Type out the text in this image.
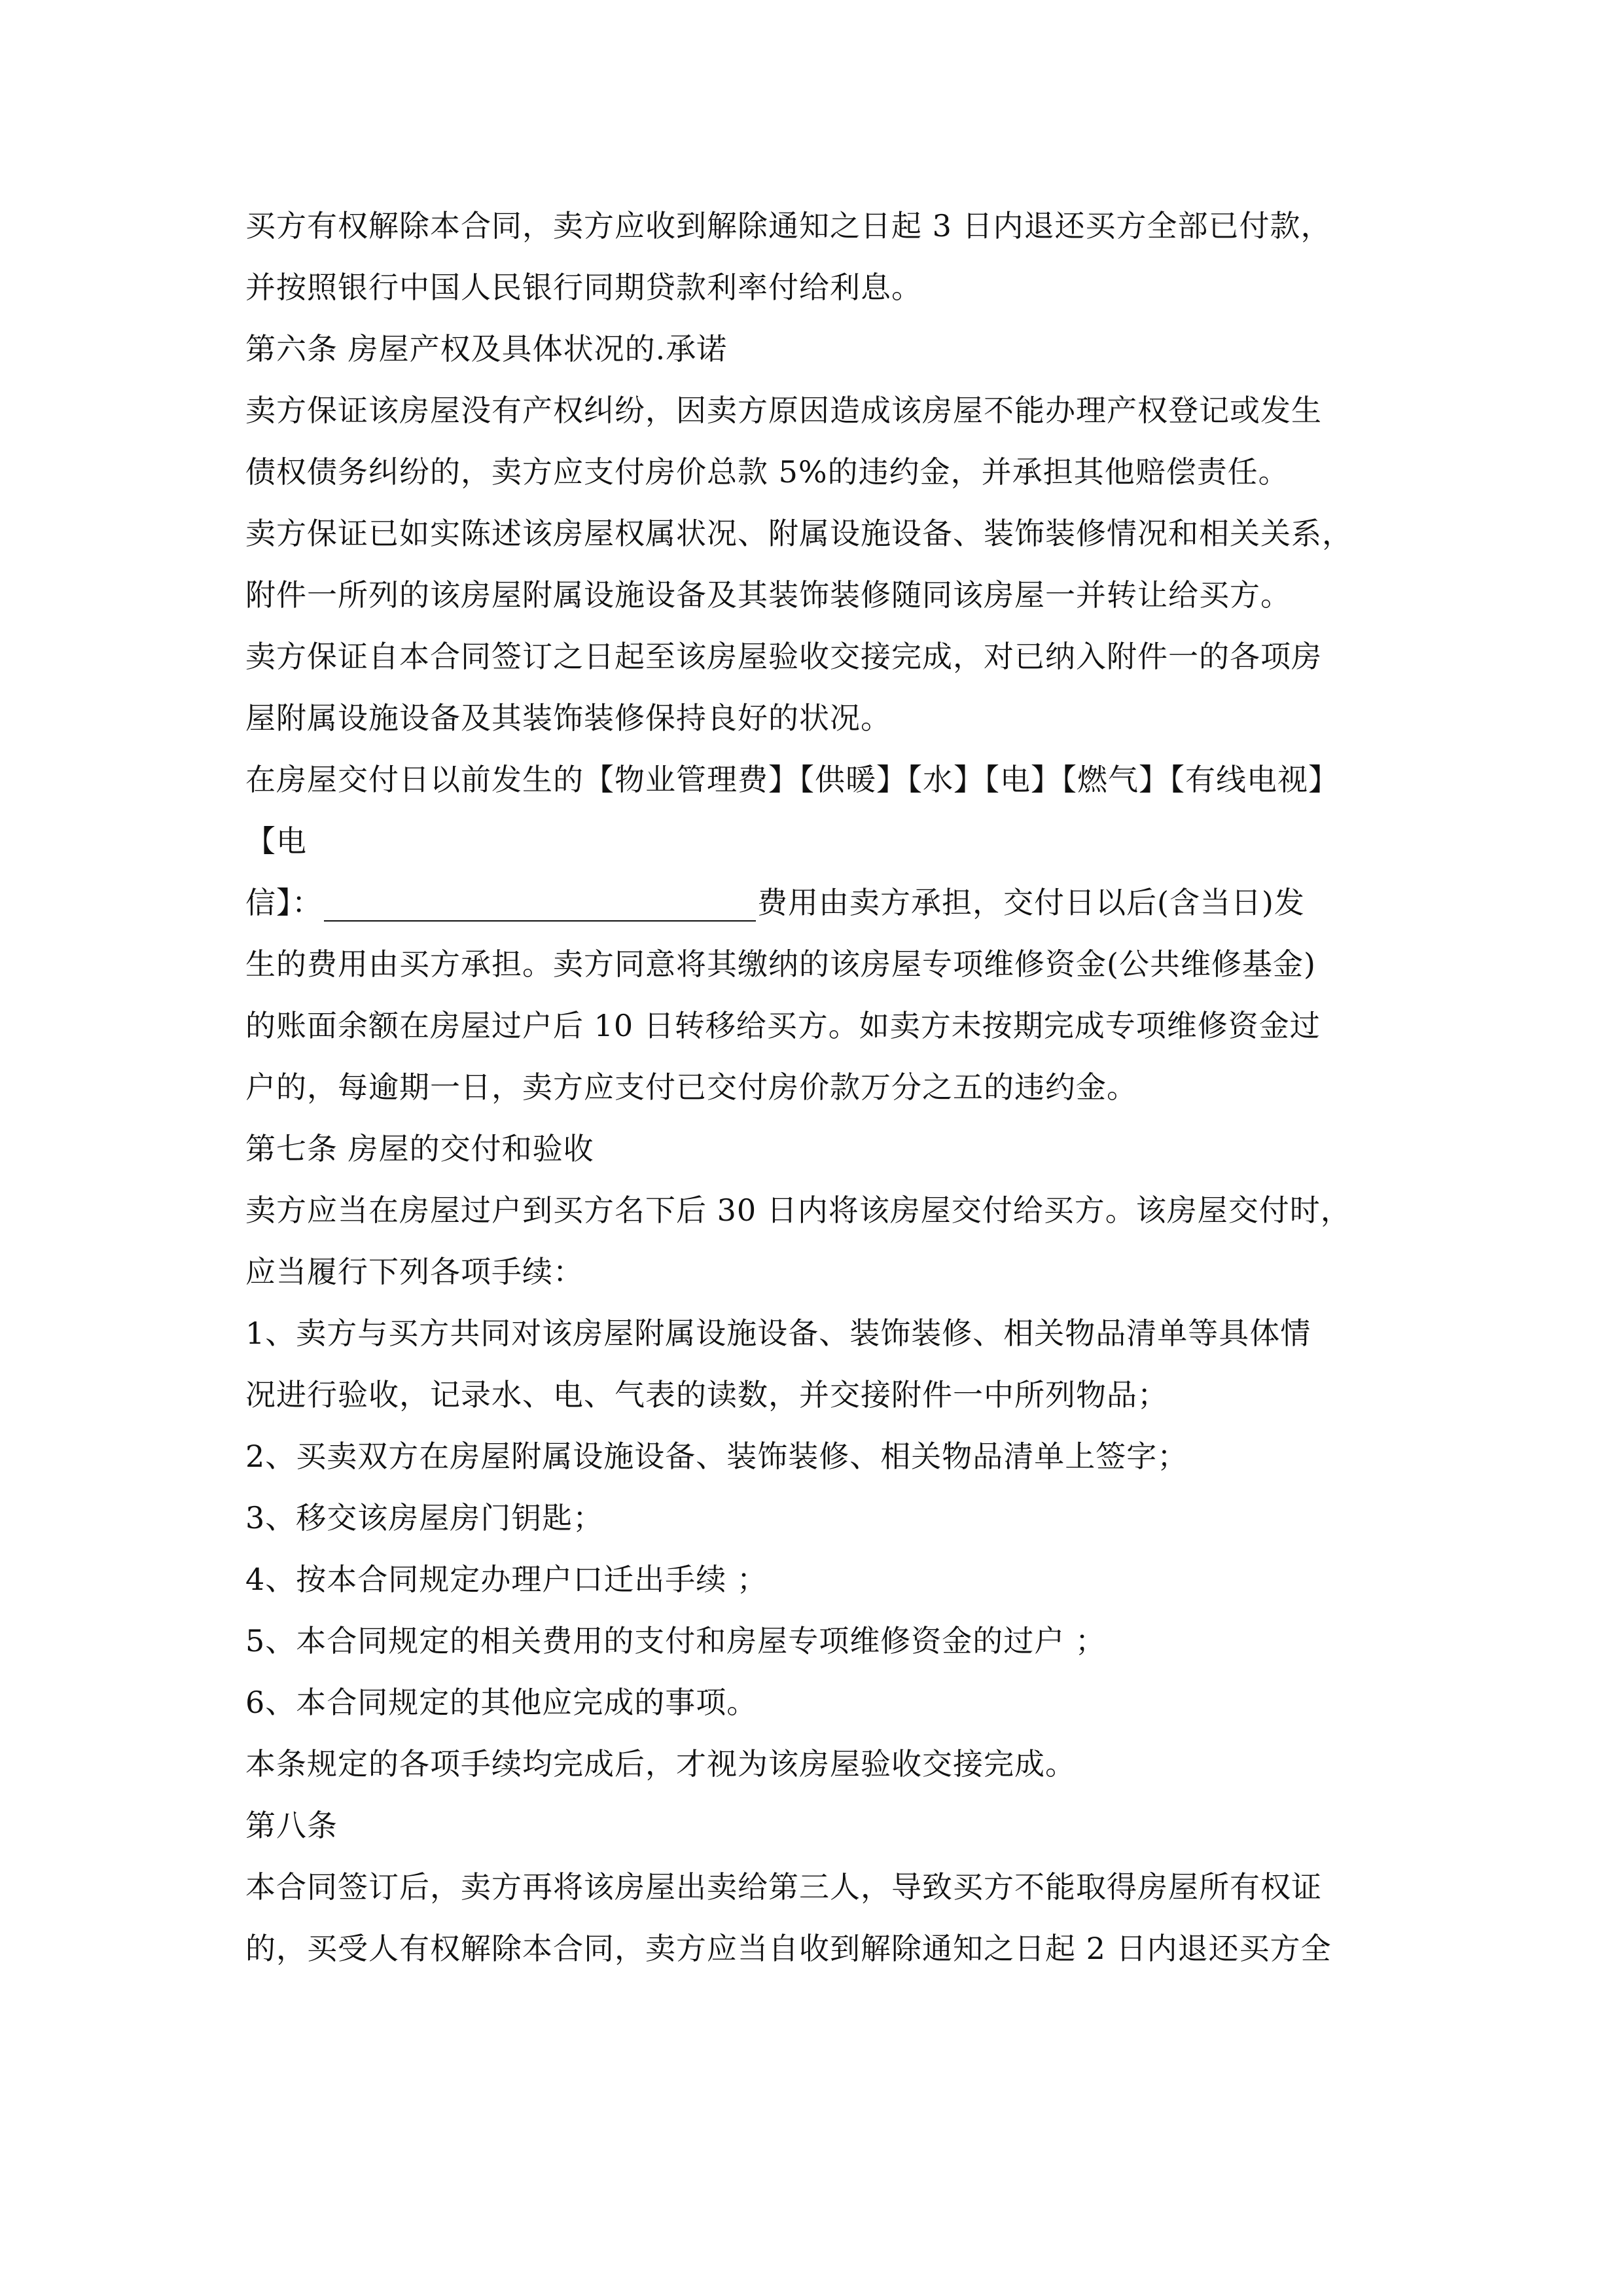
买方有权解除本合同，卖方应收到解除通知之日起 3 日内退还买方全部已付款，
并按照银行中国人民银行同期贷款利率付给利息。
第六条 房屋产权及具体状况的.承诺
卖方保证该房屋没有产权纠纷，因卖方原因造成该房屋不能办理产权登记或发生
债权债务纠纷的，卖方应支付房价总款 5%的违约金，并承担其他赔偿责任。
卖方保证已如实陈述该房屋权属状况、附属设施设备、装饰装修情况和相关关系，
附件一所列的该房屋附属设施设备及其装饰装修随同该房屋一并转让给买方。
卖方保证自本合同签订之日起至该房屋验收交接完成，对已纳入附件一的各项房
屋附属设施设备及其装饰装修保持良好的状况。
在房屋交付日以前发生的【物业管理费】【供暖】【水】【电】【燃气】【有线电视】
【电
信】：	费用由卖方承担，交付日以后(含当日)发
生的费用由买方承担。卖方同意将其缴纳的该房屋专项维修资金(公共维修基金)
的账面余额在房屋过户后 10 日转移给买方。如卖方未按期完成专项维修资金过
户的，每逾期一日，卖方应支付已交付房价款万分之五的违约金。
第七条 房屋的交付和验收
卖方应当在房屋过户到买方名下后 30 日内将该房屋交付给买方。该房屋交付时，
应当履行下列各项手续：
1、卖方与买方共同对该房屋附属设施设备、装饰装修、相关物品清单等具体情
况进行验收，记录水、电、气表的读数，并交接附件一中所列物品；
2、买卖双方在房屋附属设施设备、装饰装修、相关物品清单上签字；
3、移交该房屋房门钥匙；
4、按本合同规定办理户口迁出手续 ；
5、本合同规定的相关费用的支付和房屋专项维修资金的过户 ；
6、本合同规定的其他应完成的事项。
本条规定的各项手续均完成后，才视为该房屋验收交接完成。
第八条
本合同签订后，卖方再将该房屋出卖给第三人，导致买方不能取得房屋所有权证
的，买受人有权解除本合同，卖方应当自收到解除通知之日起 2 日内退还买方全
